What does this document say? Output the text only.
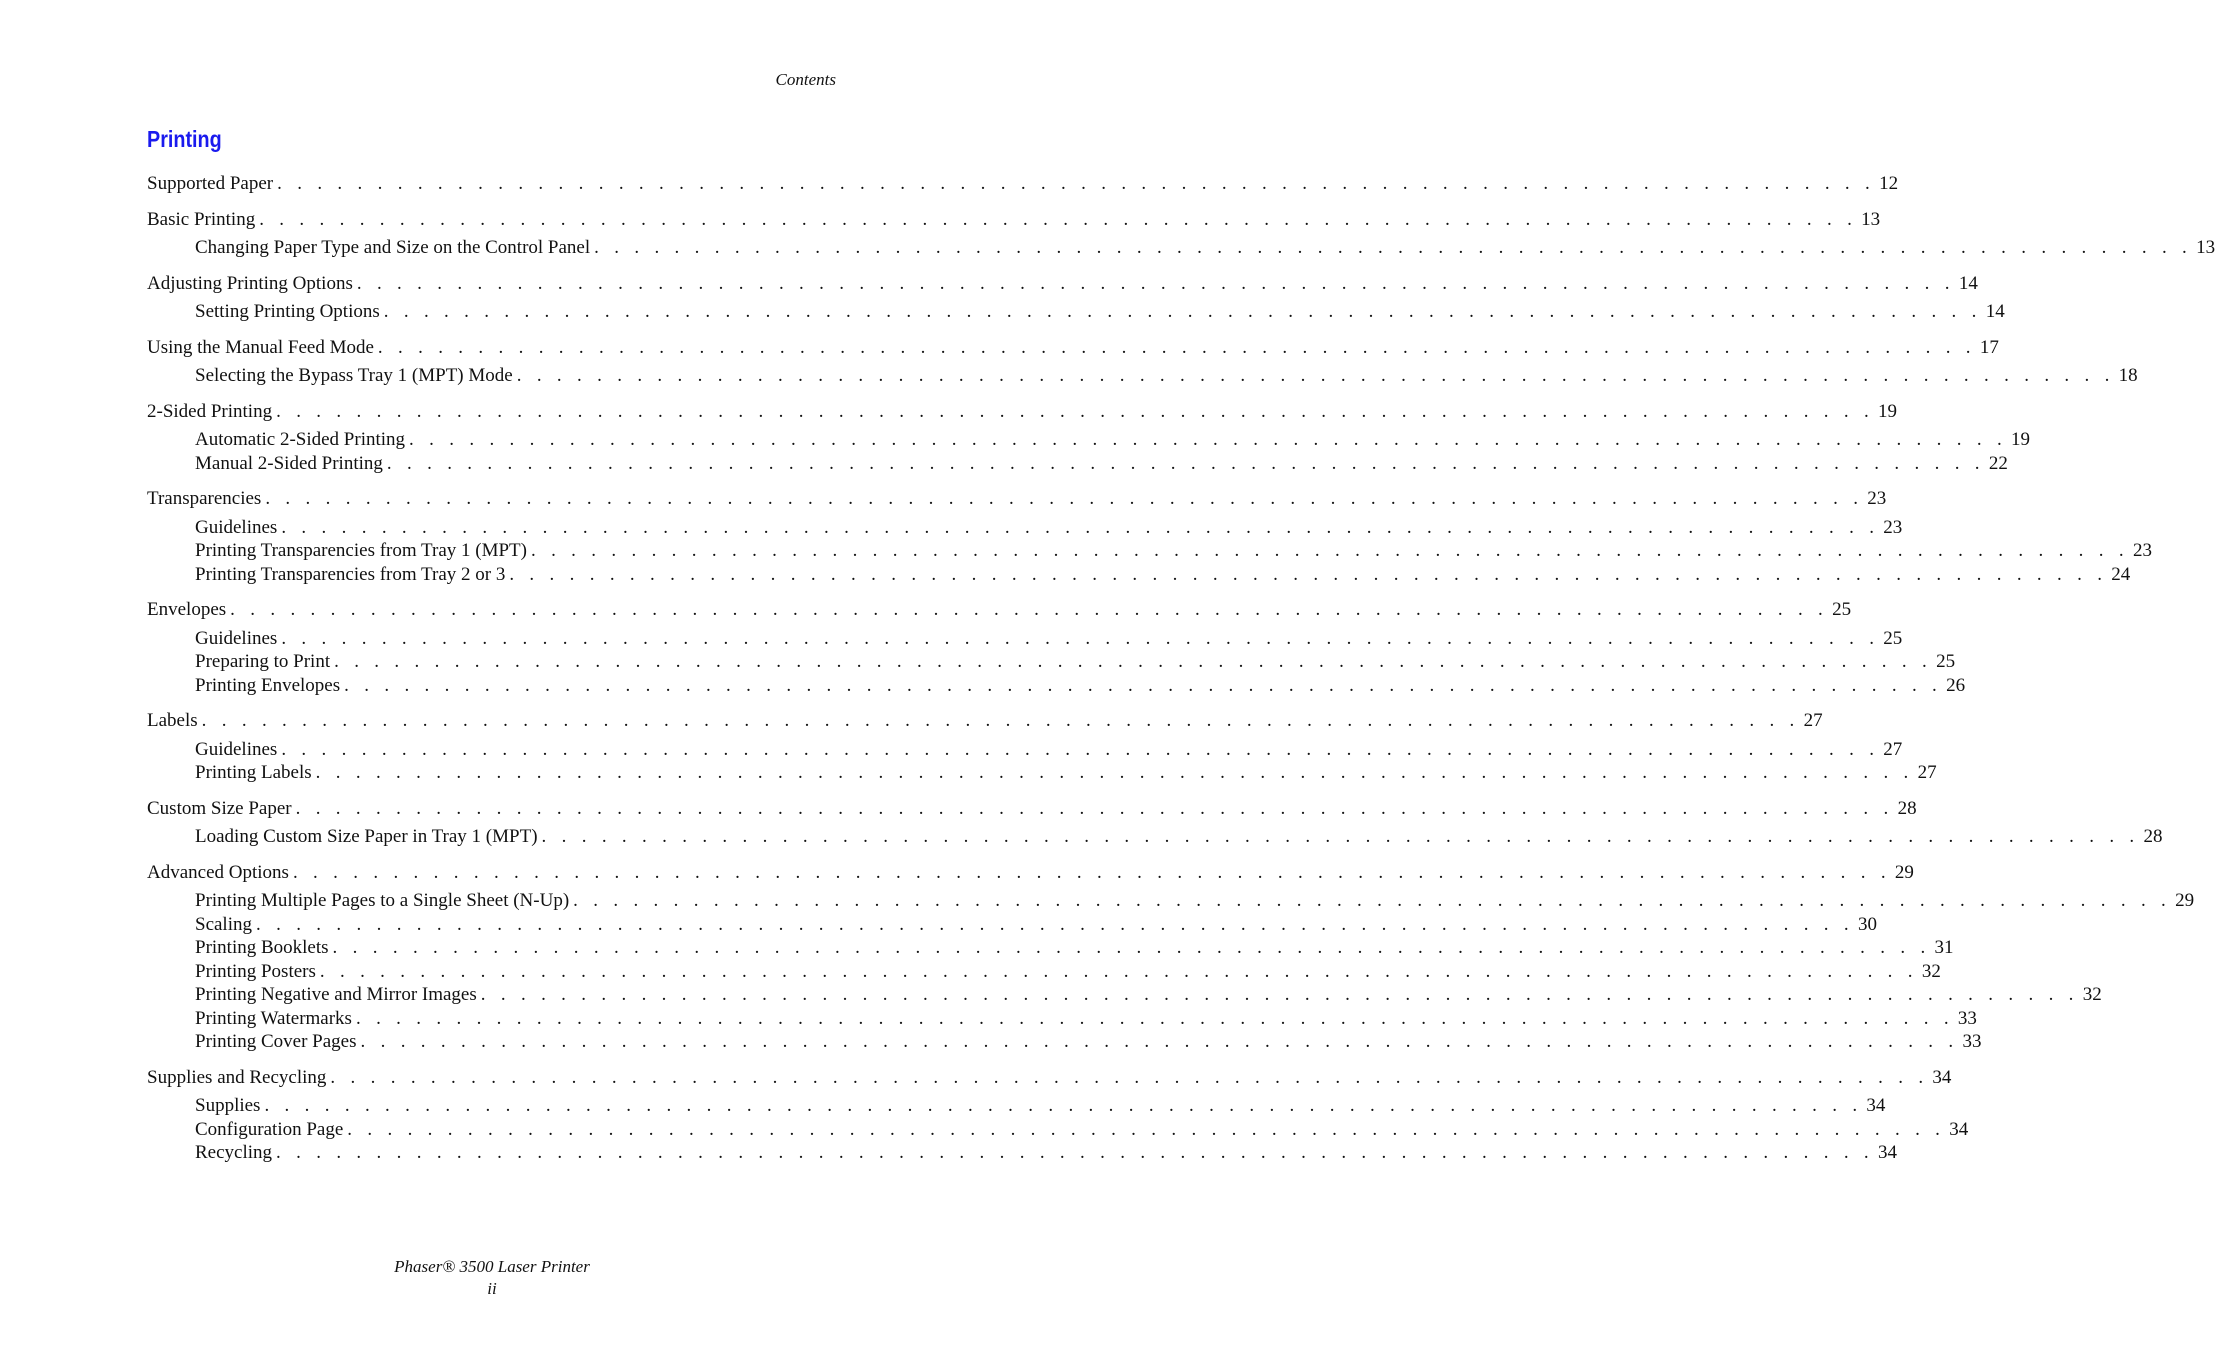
Contents
Printing
Supported Paper . . . . . . . . . . . . . . . . . . . . . . . . . . . . . . . . . . . . . . . . . . . . . . . . . . . . . . . . . . . . . . . . . . . . . . . . . . . . . . . . 12
Basic Printing . . . . . . . . . . . . . . . . . . . . . . . . . . . . . . . . . . . . . . . . . . . . . . . . . . . . . . . . . . . . . . . . . . . . . . . . . . . . . . . . 13
Changing Paper Type and Size on the Control Panel . . . . . . . . . . . . . . . . . . . . . . . . . . . . . . . . . . . . . . . . . . . . . . . . . . . . . . . . . . . . . . . . . . . . . . . . . . . . . . . . 13
Adjusting Printing Options . . . . . . . . . . . . . . . . . . . . . . . . . . . . . . . . . . . . . . . . . . . . . . . . . . . . . . . . . . . . . . . . . . . . . . . . . . . . . . . . 14
Setting Printing Options . . . . . . . . . . . . . . . . . . . . . . . . . . . . . . . . . . . . . . . . . . . . . . . . . . . . . . . . . . . . . . . . . . . . . . . . . . . . . . . . 14
Using the Manual Feed Mode . . . . . . . . . . . . . . . . . . . . . . . . . . . . . . . . . . . . . . . . . . . . . . . . . . . . . . . . . . . . . . . . . . . . . . . . . . . . . . . . 17
Selecting the Bypass Tray 1 (MPT) Mode . . . . . . . . . . . . . . . . . . . . . . . . . . . . . . . . . . . . . . . . . . . . . . . . . . . . . . . . . . . . . . . . . . . . . . . . . . . . . . . . 18
2-Sided Printing . . . . . . . . . . . . . . . . . . . . . . . . . . . . . . . . . . . . . . . . . . . . . . . . . . . . . . . . . . . . . . . . . . . . . . . . . . . . . . . . 19
Automatic 2-Sided Printing . . . . . . . . . . . . . . . . . . . . . . . . . . . . . . . . . . . . . . . . . . . . . . . . . . . . . . . . . . . . . . . . . . . . . . . . . . . . . . . . 19
Manual 2-Sided Printing . . . . . . . . . . . . . . . . . . . . . . . . . . . . . . . . . . . . . . . . . . . . . . . . . . . . . . . . . . . . . . . . . . . . . . . . . . . . . . . . 22
Transparencies . . . . . . . . . . . . . . . . . . . . . . . . . . . . . . . . . . . . . . . . . . . . . . . . . . . . . . . . . . . . . . . . . . . . . . . . . . . . . . . . 23
Guidelines . . . . . . . . . . . . . . . . . . . . . . . . . . . . . . . . . . . . . . . . . . . . . . . . . . . . . . . . . . . . . . . . . . . . . . . . . . . . . . . . 23
Printing Transparencies from Tray 1 (MPT) . . . . . . . . . . . . . . . . . . . . . . . . . . . . . . . . . . . . . . . . . . . . . . . . . . . . . . . . . . . . . . . . . . . . . . . . . . . . . . . . 23
Printing Transparencies from Tray 2 or 3 . . . . . . . . . . . . . . . . . . . . . . . . . . . . . . . . . . . . . . . . . . . . . . . . . . . . . . . . . . . . . . . . . . . . . . . . . . . . . . . . 24
Envelopes . . . . . . . . . . . . . . . . . . . . . . . . . . . . . . . . . . . . . . . . . . . . . . . . . . . . . . . . . . . . . . . . . . . . . . . . . . . . . . . . 25
Guidelines . . . . . . . . . . . . . . . . . . . . . . . . . . . . . . . . . . . . . . . . . . . . . . . . . . . . . . . . . . . . . . . . . . . . . . . . . . . . . . . . 25
Preparing to Print . . . . . . . . . . . . . . . . . . . . . . . . . . . . . . . . . . . . . . . . . . . . . . . . . . . . . . . . . . . . . . . . . . . . . . . . . . . . . . . . 25
Printing Envelopes . . . . . . . . . . . . . . . . . . . . . . . . . . . . . . . . . . . . . . . . . . . . . . . . . . . . . . . . . . . . . . . . . . . . . . . . . . . . . . . . 26
Labels . . . . . . . . . . . . . . . . . . . . . . . . . . . . . . . . . . . . . . . . . . . . . . . . . . . . . . . . . . . . . . . . . . . . . . . . . . . . . . . . 27
Guidelines . . . . . . . . . . . . . . . . . . . . . . . . . . . . . . . . . . . . . . . . . . . . . . . . . . . . . . . . . . . . . . . . . . . . . . . . . . . . . . . . 27
Printing Labels . . . . . . . . . . . . . . . . . . . . . . . . . . . . . . . . . . . . . . . . . . . . . . . . . . . . . . . . . . . . . . . . . . . . . . . . . . . . . . . . 27
Custom Size Paper . . . . . . . . . . . . . . . . . . . . . . . . . . . . . . . . . . . . . . . . . . . . . . . . . . . . . . . . . . . . . . . . . . . . . . . . . . . . . . . . 28
Loading Custom Size Paper in Tray 1 (MPT) . . . . . . . . . . . . . . . . . . . . . . . . . . . . . . . . . . . . . . . . . . . . . . . . . . . . . . . . . . . . . . . . . . . . . . . . . . . . . . . . 28
Advanced Options . . . . . . . . . . . . . . . . . . . . . . . . . . . . . . . . . . . . . . . . . . . . . . . . . . . . . . . . . . . . . . . . . . . . . . . . . . . . . . . . 29
Printing Multiple Pages to a Single Sheet (N-Up) . . . . . . . . . . . . . . . . . . . . . . . . . . . . . . . . . . . . . . . . . . . . . . . . . . . . . . . . . . . . . . . . . . . . . . . . . . . . . . . . 29
Scaling . . . . . . . . . . . . . . . . . . . . . . . . . . . . . . . . . . . . . . . . . . . . . . . . . . . . . . . . . . . . . . . . . . . . . . . . . . . . . . . . 30
Printing Booklets . . . . . . . . . . . . . . . . . . . . . . . . . . . . . . . . . . . . . . . . . . . . . . . . . . . . . . . . . . . . . . . . . . . . . . . . . . . . . . . . 31
Printing Posters . . . . . . . . . . . . . . . . . . . . . . . . . . . . . . . . . . . . . . . . . . . . . . . . . . . . . . . . . . . . . . . . . . . . . . . . . . . . . . . . 32
Printing Negative and Mirror Images . . . . . . . . . . . . . . . . . . . . . . . . . . . . . . . . . . . . . . . . . . . . . . . . . . . . . . . . . . . . . . . . . . . . . . . . . . . . . . . . 32
Printing Watermarks . . . . . . . . . . . . . . . . . . . . . . . . . . . . . . . . . . . . . . . . . . . . . . . . . . . . . . . . . . . . . . . . . . . . . . . . . . . . . . . . 33
Printing Cover Pages . . . . . . . . . . . . . . . . . . . . . . . . . . . . . . . . . . . . . . . . . . . . . . . . . . . . . . . . . . . . . . . . . . . . . . . . . . . . . . . . 33
Supplies and Recycling . . . . . . . . . . . . . . . . . . . . . . . . . . . . . . . . . . . . . . . . . . . . . . . . . . . . . . . . . . . . . . . . . . . . . . . . . . . . . . . . 34
Supplies . . . . . . . . . . . . . . . . . . . . . . . . . . . . . . . . . . . . . . . . . . . . . . . . . . . . . . . . . . . . . . . . . . . . . . . . . . . . . . . . 34
Configuration Page . . . . . . . . . . . . . . . . . . . . . . . . . . . . . . . . . . . . . . . . . . . . . . . . . . . . . . . . . . . . . . . . . . . . . . . . . . . . . . . . 34
Recycling . . . . . . . . . . . . . . . . . . . . . . . . . . . . . . . . . . . . . . . . . . . . . . . . . . . . . . . . . . . . . . . . . . . . . . . . . . . . . . . . 34
Phaser® 3500 Laser Printer
ii
